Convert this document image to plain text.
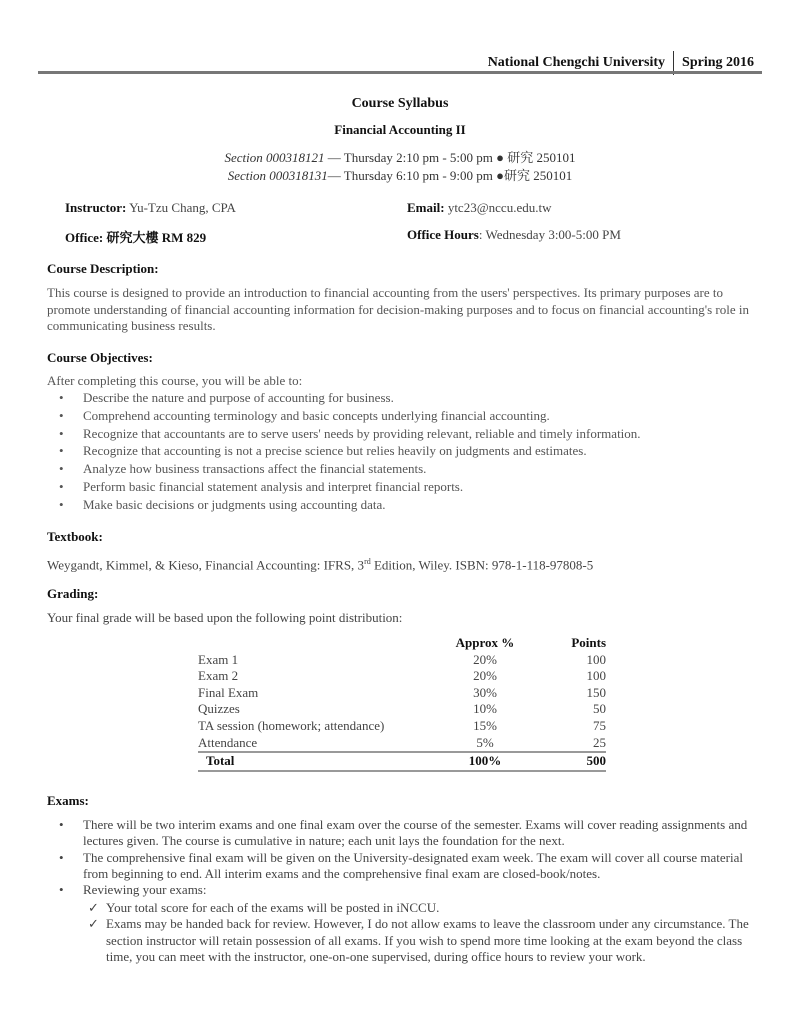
National Chengchi University Spring 2016
Course Syllabus
Financial Accounting II
Section 000318121 — Thursday 2:10 pm - 5:00 pm ● 研究 250101
Section 000318131— Thursday 6:10 pm - 9:00 pm ●研究 250101
Instructor: Yu-Tzu Chang, CPA	Email: ytc23@nccu.edu.tw
Office: 研究大樓 RM 829	Office Hours: Wednesday 3:00-5:00 PM
Course Description:
This course is designed to provide an introduction to financial accounting from the users' perspectives. Its primary purposes are to promote understanding of financial accounting information for decision-making purposes and to focus on financial accounting's role in communicating business results.
Course Objectives:
After completing this course, you will be able to:
• Describe the nature and purpose of accounting for business.
• Comprehend accounting terminology and basic concepts underlying financial accounting.
• Recognize that accountants are to serve users' needs by providing relevant, reliable and timely information.
• Recognize that accounting is not a precise science but relies heavily on judgments and estimates.
• Analyze how business transactions affect the financial statements.
• Perform basic financial statement analysis and interpret financial reports.
• Make basic decisions or judgments using accounting data.
Textbook:
Weygandt, Kimmel, & Kieso, Financial Accounting: IFRS, 3rd Edition, Wiley. ISBN: 978-1-118-97808-5
Grading:
Your final grade will be based upon the following point distribution:
	Approx %	Points
Exam 1	20%	100
Exam 2	20%	100
Final Exam	30%	150
Quizzes	10%	50
TA session (homework; attendance)	15%	75
Attendance	5%	25
Total	100%	500
Exams:
• There will be two interim exams and one final exam over the course of the semester. Exams will cover reading assignments and lectures given. The course is cumulative in nature; each unit lays the foundation for the next.
• The comprehensive final exam will be given on the University-designated exam week. The exam will cover all course material from beginning to end. All interim exams and the comprehensive final exam are closed-book/notes.
• Reviewing your exams:
✓ Your total score for each of the exams will be posted in iNCCU.
✓ Exams may be handed back for review. However, I do not allow exams to leave the classroom under any circumstance. The section instructor will retain possession of all exams. If you wish to spend more time looking at the exam beyond the class time, you can meet with the instructor, one-on-one supervised, during office hours to review your work.
